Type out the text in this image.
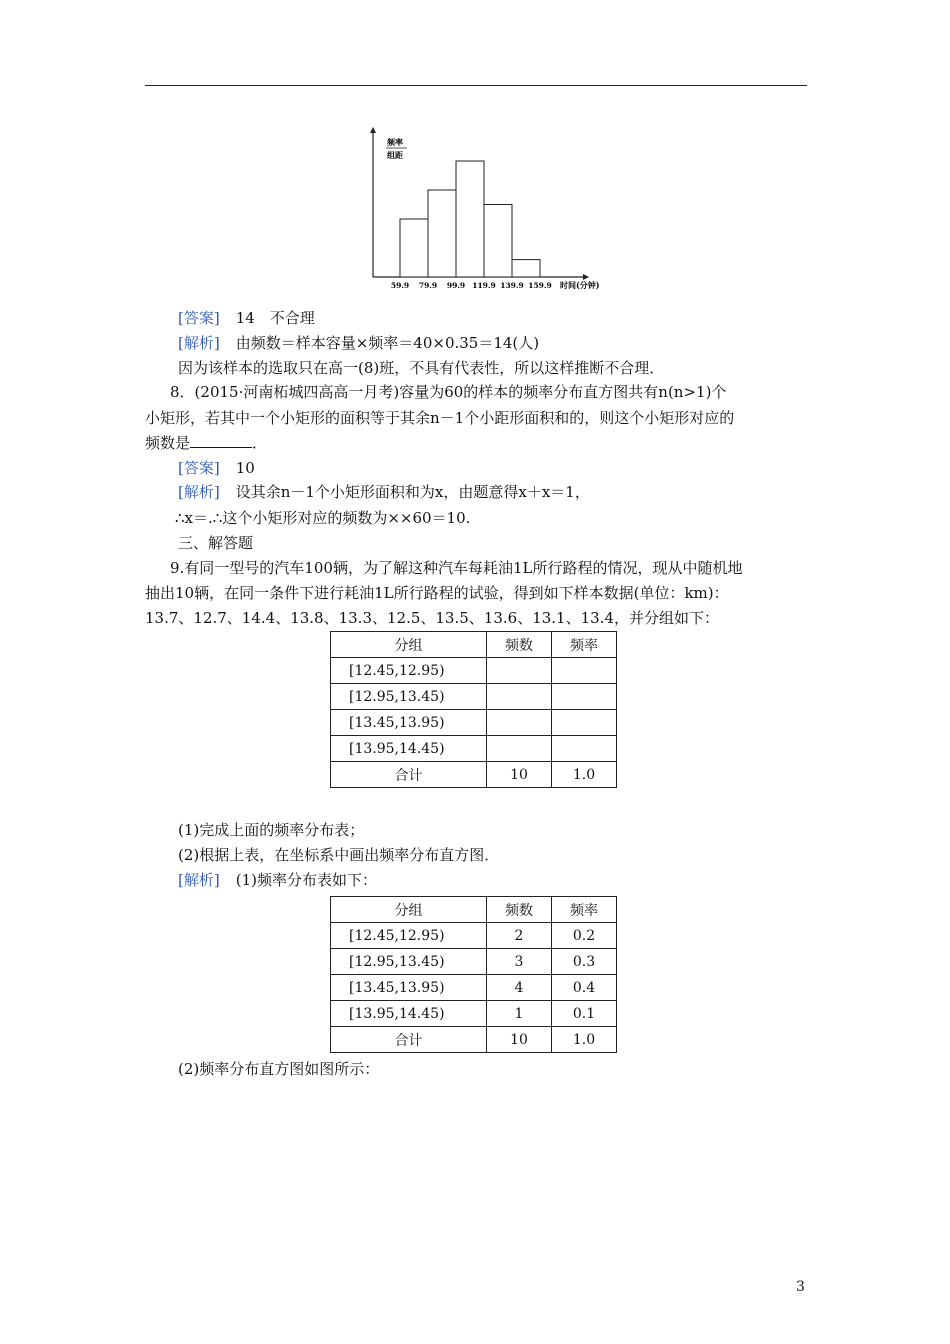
频率
组距
59.9 79.9 99.9 119.9 139.9 159.9 时间(分钟)
[答案] 14　不合理
[解析] 由频数＝样本容量×频率＝40×0.35＝14(人)
因为该样本的选取只在高一(8)班，不具有代表性，所以这样推断不合理．
8．(2015·河南柘城四高高一月考)容量为60的样本的频率分布直方图共有n(n>1)个
小矩形，若其中一个小矩形的面积等于其余n－1个小距形面积和的，则这个小矩形对应的
频数是	．
[答案] 10
[解析] 设其余n－1个小矩形面积和为x，由题意得x＋x＝1，
∴x＝.∴这个小矩形对应的频数为××60＝10.
三、解答题
9.有同一型号的汽车100辆，为了解这种汽车每耗油1L所行路程的情况，现从中随机地
抽出10辆，在同一条件下进行耗油1L所行路程的试验，得到如下样本数据(单位：km)：
13.7、12.7、14.4、13.8、13.3、12.5、13.5、13.6、13.1、13.4，并分组如下：
分组	频数	频率
[12.45,12.95)		
[12.95,13.45)		
[13.45,13.95)		
[13.95,14.45)		
合计	10	1.0
(1)完成上面的频率分布表；
(2)根据上表，在坐标系中画出频率分布直方图．
[解析] (1)频率分布表如下：
分组	频数	频率
[12.45,12.95)	2	0.2
[12.95,13.45)	3	0.3
[13.45,13.95)	4	0.4
[13.95,14.45)	1	0.1
合计	10	1.0
(2)频率分布直方图如图所示：
3
